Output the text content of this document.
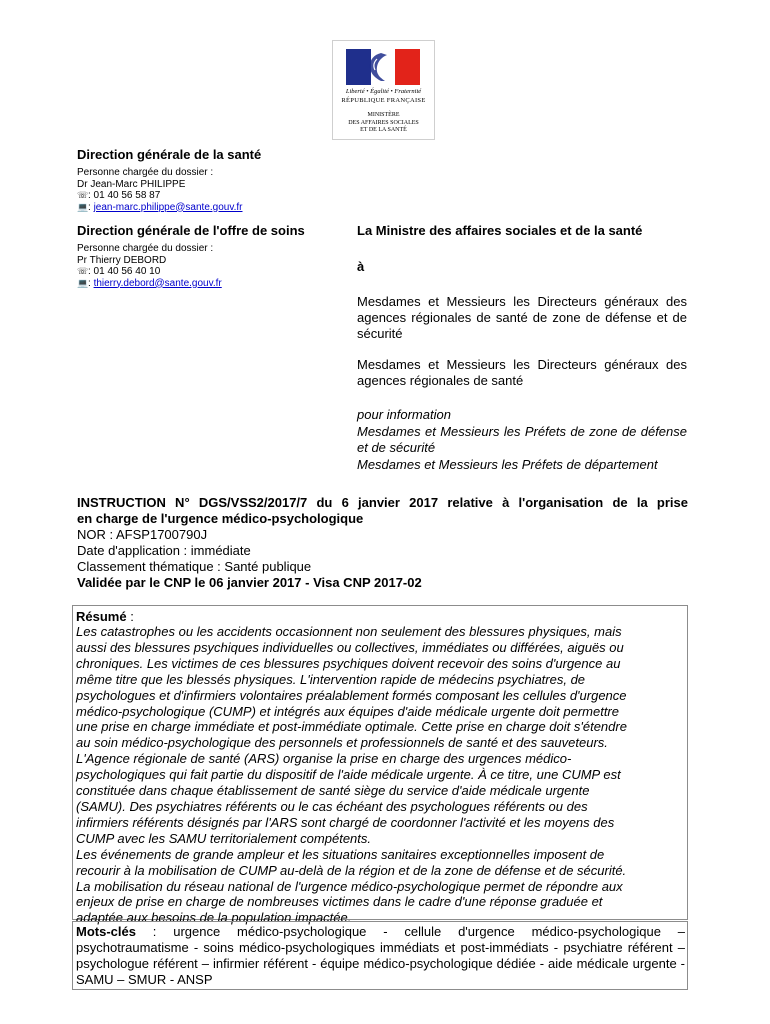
Liberté • Égalité • Fraternité
RÉPUBLIQUE FRANÇAISE
MINISTÈRE
DES AFFAIRES SOCIALES
ET DE LA SANTÉ
Direction générale de la santé
Personne chargée du dossier :
Dr Jean-Marc PHILIPPE
☏: 01 40 56 58 87
💻: jean-marc.philippe@sante.gouv.fr
Direction générale de l'offre de soins
Personne chargée du dossier :
Pr Thierry DEBORD
☏: 01 40 56 40 10
💻: thierry.debord@sante.gouv.fr
La Ministre des affaires sociales et de la santé
à
Mesdames et Messieurs les Directeurs généraux des agences régionales de santé de zone de défense et de sécurité
Mesdames et Messieurs les Directeurs généraux des agences régionales de santé
pour information
Mesdames et Messieurs les Préfets de zone de défense et de sécurité
Mesdames et Messieurs les Préfets de département
INSTRUCTION N° DGS/VSS2/2017/7 du 6 janvier 2017 relative à l'organisation de la prise
en charge de l'urgence médico-psychologique
NOR : AFSP1700790J
Date d'application : immédiate
Classement thématique : Santé publique
Validée par le CNP le 06 janvier 2017 - Visa CNP 2017-02
Résumé :

Les catastrophes ou les accidents occasionnent non seulement des blessures physiques, mais

aussi des blessures psychiques individuelles ou collectives, immédiates ou différées, aiguës ou

chroniques. Les victimes de ces blessures psychiques doivent recevoir des soins d'urgence au

même titre que les blessés physiques. L'intervention rapide de médecins psychiatres, de

psychologues et d'infirmiers volontaires préalablement formés composant les cellules d'urgence

médico-psychologique (CUMP) et intégrés aux équipes d'aide médicale urgente doit permettre

une prise en charge immédiate et post-immédiate optimale. Cette prise en charge doit s'étendre

au soin médico-psychologique des personnels et professionnels de santé et des sauveteurs.

L'Agence régionale de santé (ARS) organise la prise en charge des urgences médico-

psychologiques qui fait partie du dispositif de l'aide médicale urgente. À ce titre, une CUMP est

constituée dans chaque établissement de santé siège du service d'aide médicale urgente

(SAMU). Des psychiatres référents ou le cas échéant des psychologues référents ou des

infirmiers référents désignés par l'ARS sont chargé de coordonner l'activité et les moyens des

CUMP avec les SAMU territorialement compétents.

Les événements de grande ampleur et les situations sanitaires exceptionnelles imposent de

recourir à la mobilisation de CUMP au-delà de la région et de la zone de défense et de sécurité.

La mobilisation du réseau national de l'urgence médico-psychologique permet de répondre aux

enjeux de prise en charge de nombreuses victimes dans le cadre d'une réponse graduée et

adaptée aux besoins de la population impactée.

Mots-clés : urgence médico-psychologique - cellule d'urgence médico-psychologique – psychotraumatisme - soins médico-psychologiques immédiats et post-immédiats - psychiatre référent – psychologue référent – infirmier référent - équipe médico-psychologique dédiée - aide médicale urgente - SAMU – SMUR - ANSP
